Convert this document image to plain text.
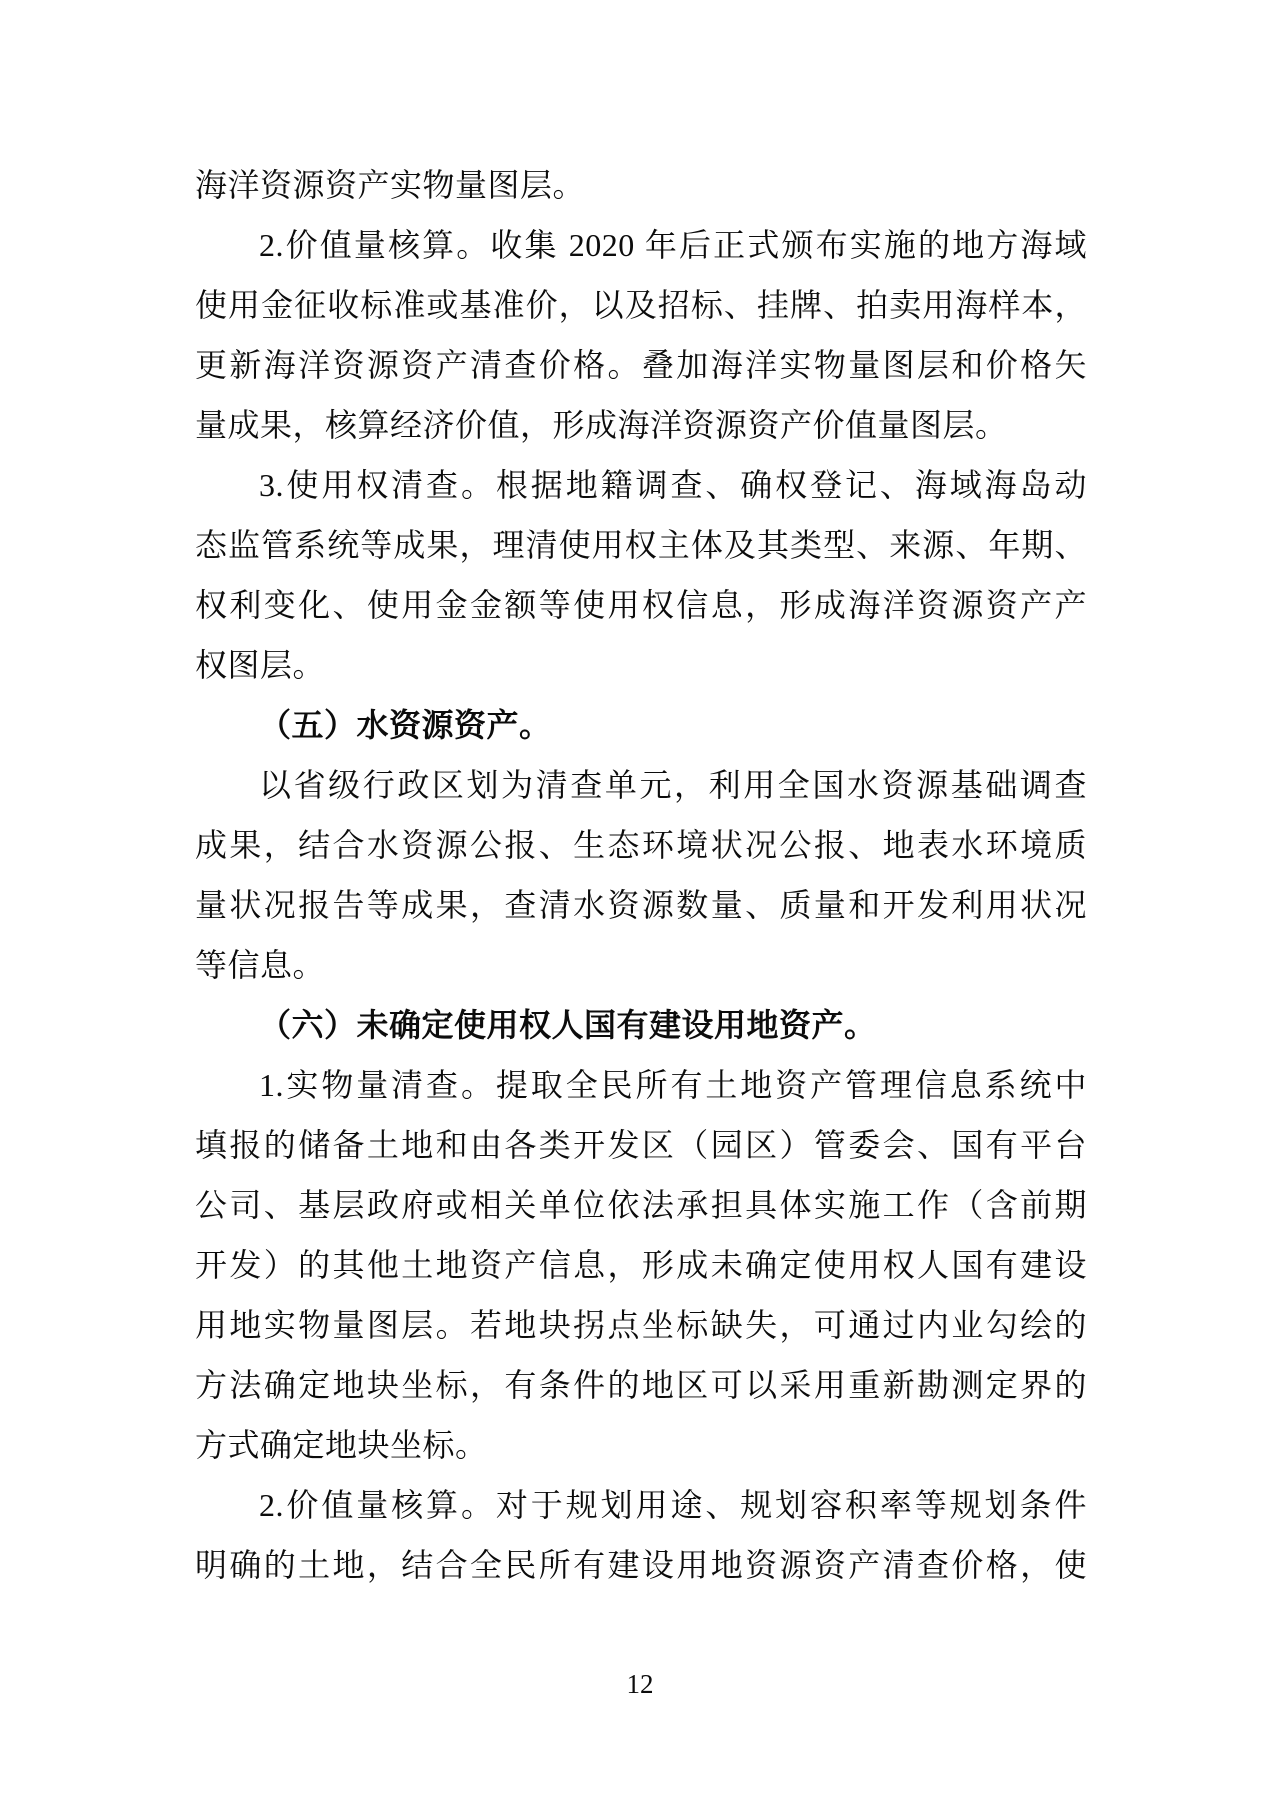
海洋资源资产实物量图层。
2.价值量核算。收集 2020 年后正式颁布实施的地方海域
使用金征收标准或基准价，以及招标、挂牌、拍卖用海样本，
更新海洋资源资产清查价格。叠加海洋实物量图层和价格矢
量成果，核算经济价值，形成海洋资源资产价值量图层。
3.使用权清查。根据地籍调查、确权登记、海域海岛动
态监管系统等成果，理清使用权主体及其类型、来源、年期、
权利变化、使用金金额等使用权信息，形成海洋资源资产产
权图层。
（五）水资源资产。
以省级行政区划为清查单元，利用全国水资源基础调查
成果，结合水资源公报、生态环境状况公报、地表水环境质
量状况报告等成果，查清水资源数量、质量和开发利用状况
等信息。
（六）未确定使用权人国有建设用地资产。
1.实物量清查。提取全民所有土地资产管理信息系统中
填报的储备土地和由各类开发区（园区）管委会、国有平台
公司、基层政府或相关单位依法承担具体实施工作（含前期
开发）的其他土地资产信息，形成未确定使用权人国有建设
用地实物量图层。若地块拐点坐标缺失，可通过内业勾绘的
方法确定地块坐标，有条件的地区可以采用重新勘测定界的
方式确定地块坐标。
2.价值量核算。对于规划用途、规划容积率等规划条件
明确的土地，结合全民所有建设用地资源资产清查价格，使
12
